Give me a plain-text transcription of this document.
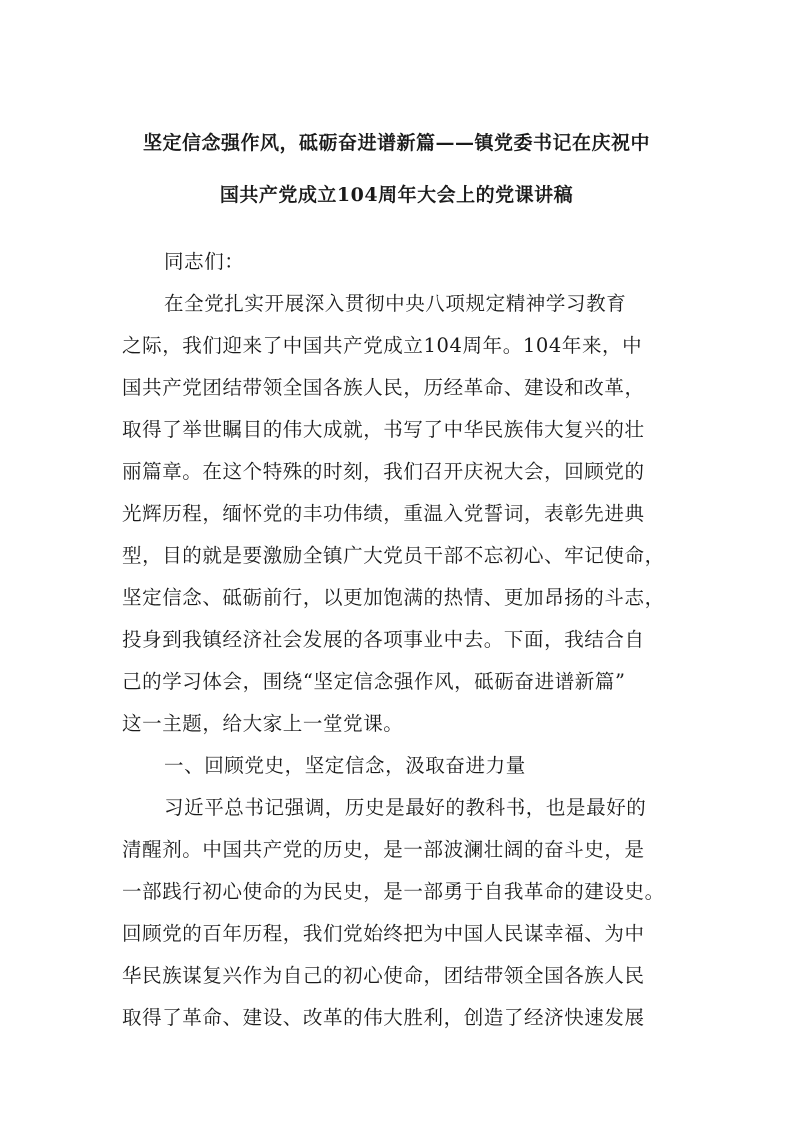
坚定信念强作风，砥砺奋进谱新篇——镇党委书记在庆祝中
国共产党成立104周年大会上的党课讲稿
同志们：
在全党扎实开展深入贯彻中央八项规定精神学习教育
之际，我们迎来了中国共产党成立104周年。104年来，中
国共产党团结带领全国各族人民，历经革命、建设和改革，
取得了举世瞩目的伟大成就，书写了中华民族伟大复兴的壮
丽篇章。在这个特殊的时刻，我们召开庆祝大会，回顾党的
光辉历程，缅怀党的丰功伟绩，重温入党誓词，表彰先进典
型，目的就是要激励全镇广大党员干部不忘初心、牢记使命，
坚定信念、砥砺前行，以更加饱满的热情、更加昂扬的斗志，
投身到我镇经济社会发展的各项事业中去。下面，我结合自
己的学习体会，围绕“坚定信念强作风，砥砺奋进谱新篇”
这一主题，给大家上一堂党课。
一、回顾党史，坚定信念，汲取奋进力量
习近平总书记强调，历史是最好的教科书，也是最好的
清醒剂。中国共产党的历史，是一部波澜壮阔的奋斗史，是
一部践行初心使命的为民史，是一部勇于自我革命的建设史。
回顾党的百年历程，我们党始终把为中国人民谋幸福、为中
华民族谋复兴作为自己的初心使命，团结带领全国各族人民
取得了革命、建设、改革的伟大胜利，创造了经济快速发展
